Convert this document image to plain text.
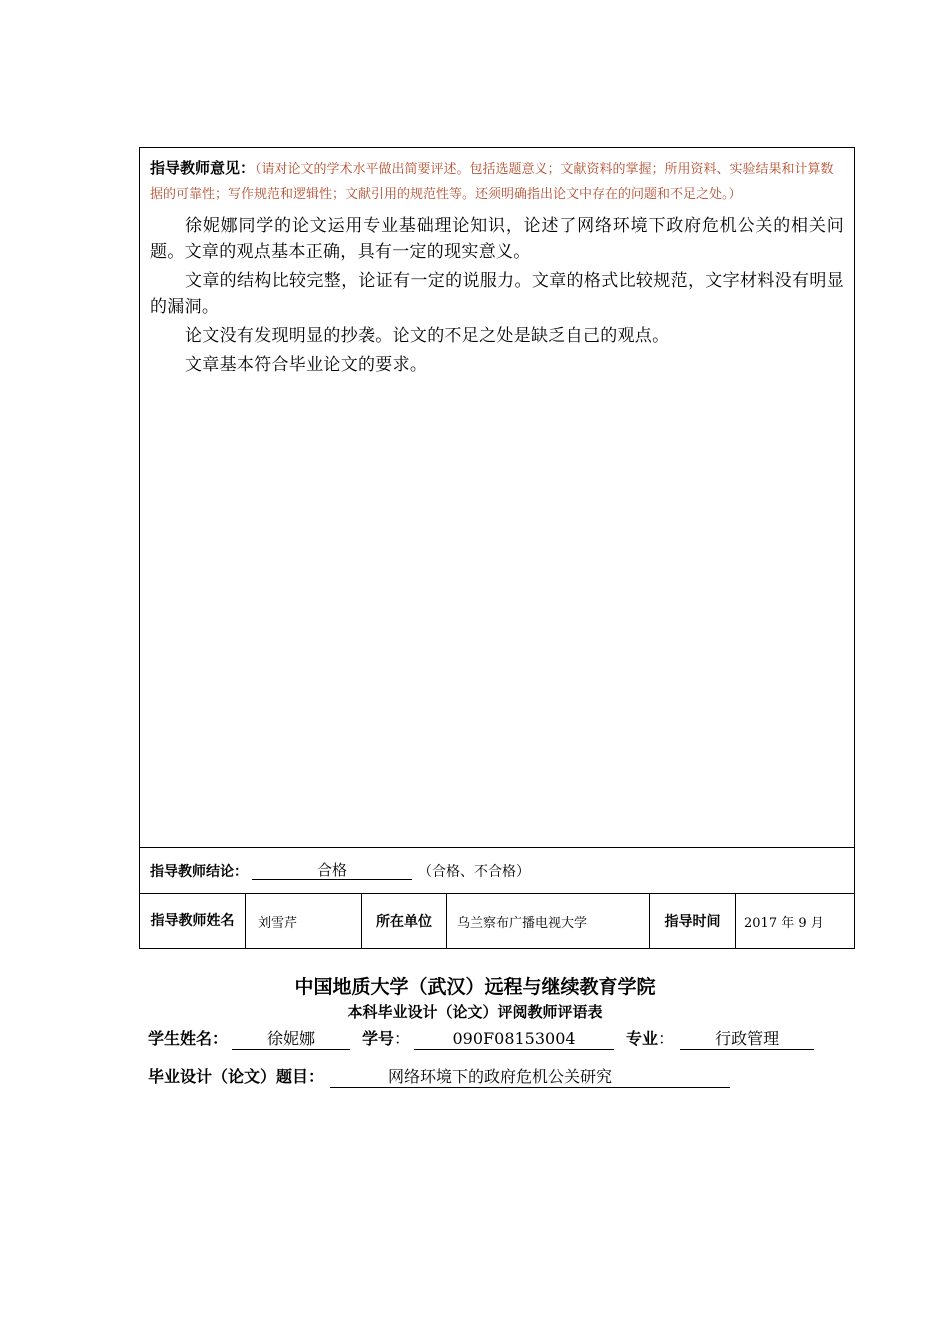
指导教师意见：（请对论文的学术水平做出简要评述。包括选题意义；文献资料的掌握；所用资料、实验结果和计算数据的可靠性；写作规范和逻辑性；文献引用的规范性等。还须明确指出论文中存在的问题和不足之处。）

徐妮娜同学的论文运用专业基础理论知识，论述了网络环境下政府危机公关的相关问题。文章的观点基本正确，具有一定的现实意义。

文章的结构比较完整，论证有一定的说服力。文章的格式比较规范，文字材料没有明显的漏洞。

论文没有发现明显的抄袭。论文的不足之处是缺乏自己的观点。

文章基本符合毕业论文的要求。

指导教师结论：	合格	（合格、不合格）
指导教师姓名	刘雪芹	所在单位	乌兰察布广播电视大学	指导时间	2017 年 9 月

中国地质大学（武汉）远程与继续教育学院

本科毕业设计（论文）评阅教师评语表

学生姓名：	徐妮娜	学号 ：	090F08153004	专业 ：	行政管理
毕业设计（论文）题目：	网络环境下的政府危机公关研究
